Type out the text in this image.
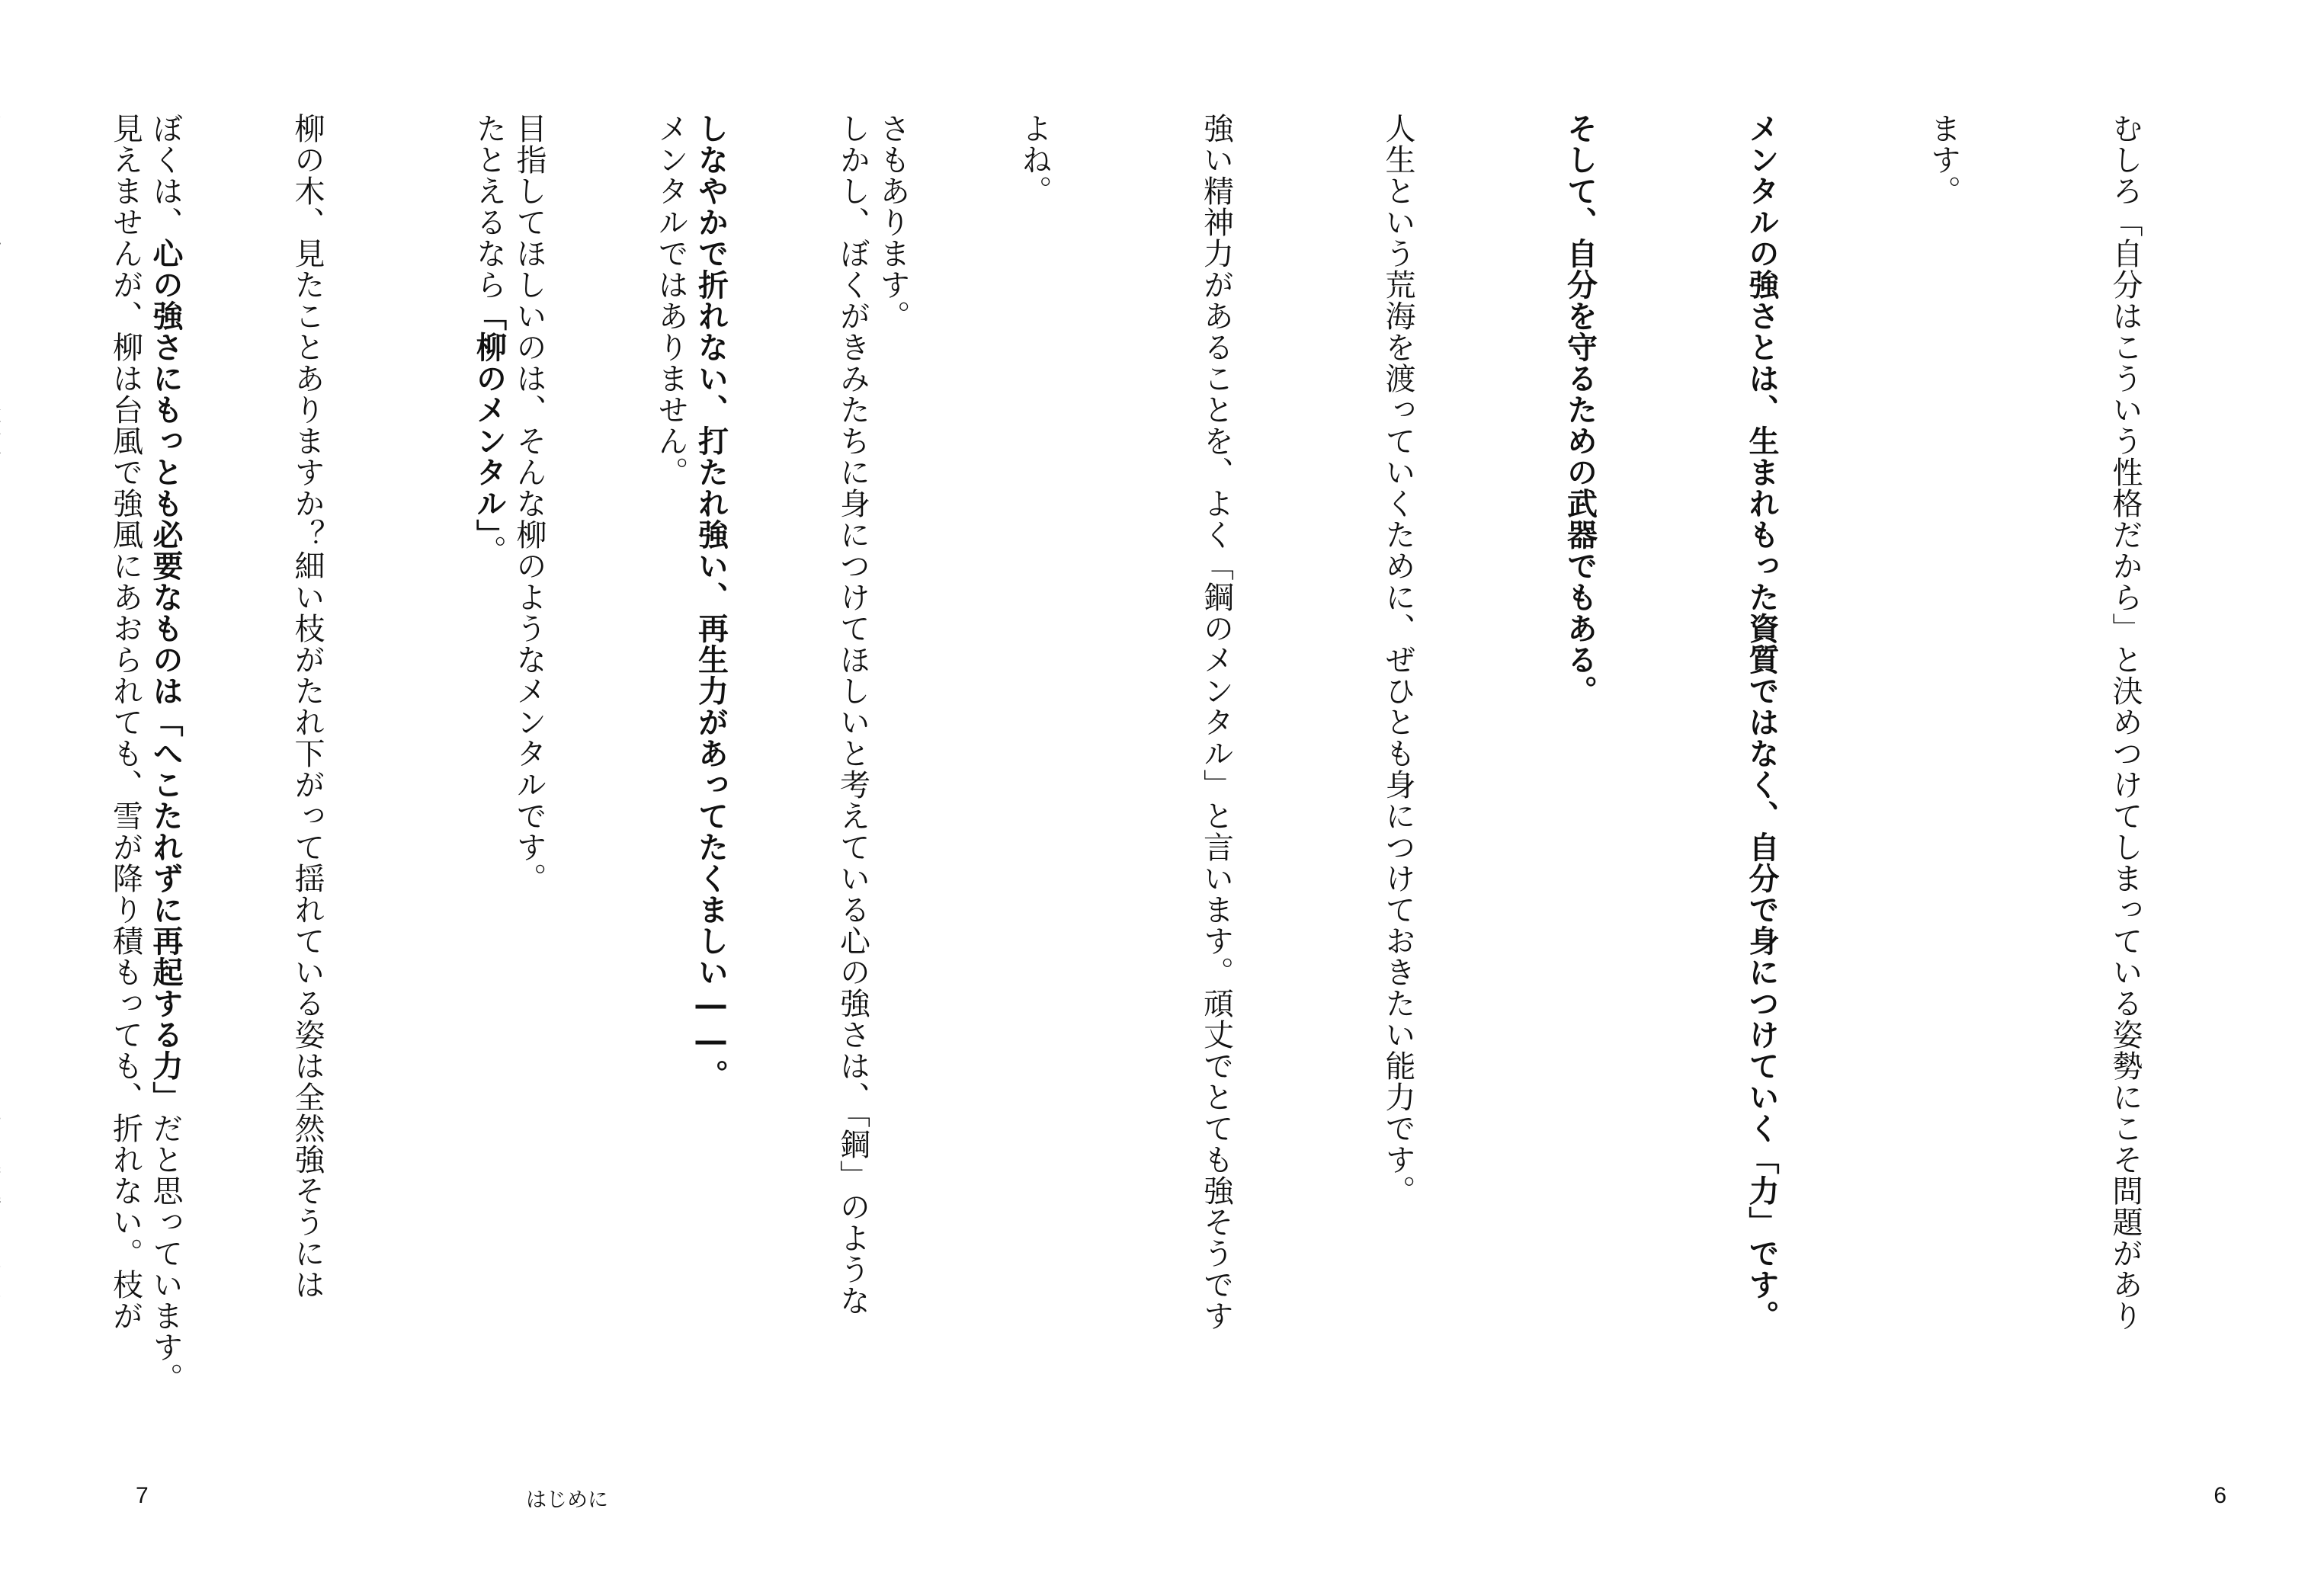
さもあります。

しなやかで折れない、打たれ強い、再生力があってたくましい――。

目指してほしいのは、そんな柳のようなメンタルです。

ぼくは、心の強さにもっとも必要なものは「へこたれずに再起する力」だと思っています。

7	はじめに

むしろ「自分はこういう性格だから」と決めつけてしまっている姿勢にこそ問題があり

ます。

メンタルの強さとは、生まれもった資質ではなく、自分で身につけていく「力」です。

そして、自分を守るための武器でもある。

人生という荒海を渡っていくために、ぜひとも身につけておきたい能力です。

強い精神力があることを、よく「鋼のメンタル」と言います。頑丈でとても強そうです

よね。

しかし、ぼくがきみたちに身につけてほしいと考えている心の強さは、「鋼」のような

メンタルではありません。

たとえるなら「柳のメンタル」。

柳の木、見たことありますか？細い枝がたれ下がって揺れている姿は全然強そうには

見えませんが、柳は台風で強風にあおられても、雪が降り積もっても、折れない。枝が

6
